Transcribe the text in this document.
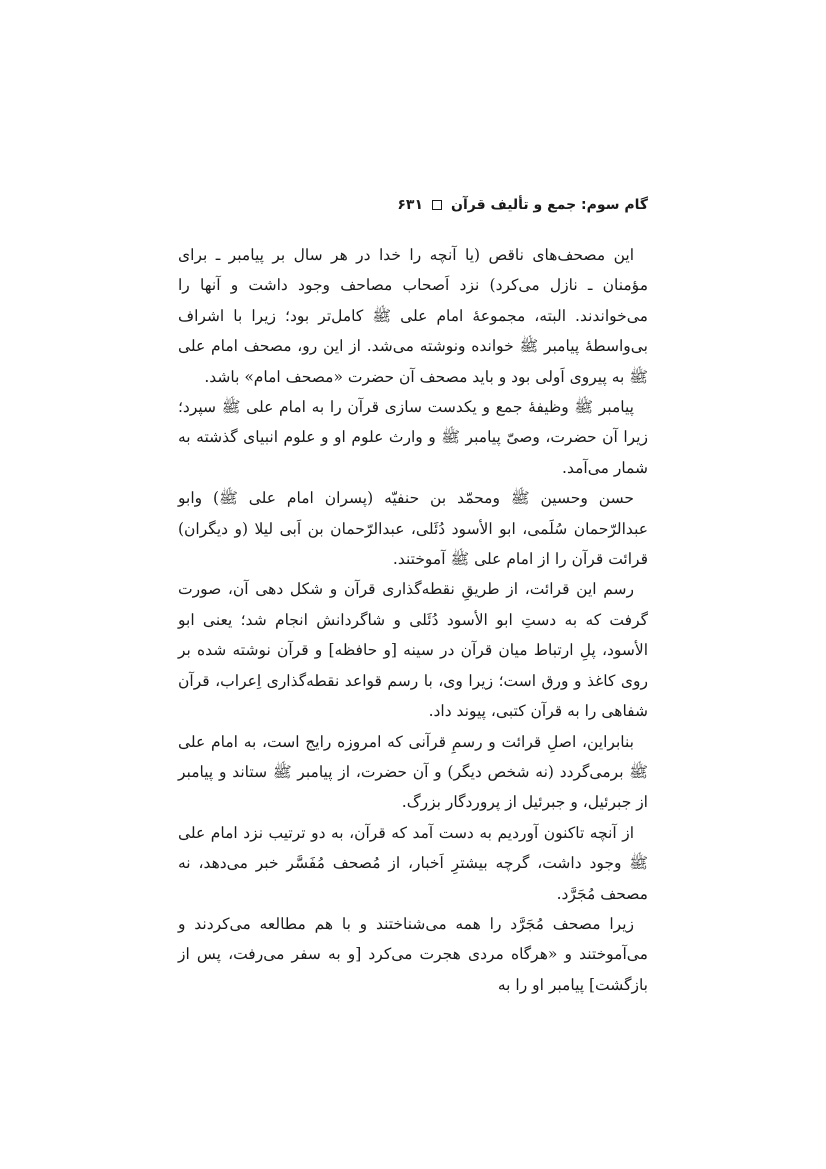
گام سوم: جمع و تألیف قرآن
۶۳۱

این مصحف‌های ناقص (یا آنچه را خدا در هر سال بر پیامبر ـ برای مؤمنان ـ نازل می‌کرد) نزد اَصحاب مصاحف وجود داشت و آنها را می‌خواندند. البته، مجموعهٔ امام علی ﷺ کامل‌تر بود؛ زیرا با اشراف بی‌واسطهٔ پیامبر ﷺ خوانده ونوشته می‌شد. از این رو، مصحف امام علی ﷺ به پیروی اَولی بود و باید مصحف آن حضرت «مصحف امام» باشد.

پیامبر ﷺ وظیفهٔ جمع و یکدست سازی قرآن را به امام علی ﷺ سپرد؛ زیرا آن حضرت، وصیّ پیامبر ﷺ و وارث علوم او و علوم انبیای گذشته به شمار می‌آمد.

حسن وحسین ﷺ ومحمّد بن حنفیّه (پسران امام علی ﷺ) وابو عبدالرّحمان سُلَمی، ابو الأسود دُئَلی، عبدالرّحمان بن اَبی لیلا (و دیگران) قرائت قرآن را از امام علی ﷺ آموختند.

رسم این قرائت، از طریقِ نقطه‌گذاری قرآن و شکل دهی آن، صورت گرفت که به دستِ ابو الأسود دُئَلی و شاگردانش انجام شد؛ یعنی ابو الأسود، پلِ ارتباط میان قرآن در سینه [و حافظه] و قرآن نوشته شده بر روی کاغذ و ورق است؛ زیرا وی، با رسم قواعد نقطه‌گذاری اِعراب، قرآن شفاهی را به قرآن کتبی، پیوند داد.

بنابراین، اصلِ قرائت و رسمِ قرآنی که امروزه رایج است، به امام علی ﷺ برمی‌گردد (نه شخص دیگر) و آن حضرت، از پیامبر ﷺ ستاند و پیامبر از جبرئیل، و جبرئیل از پروردگار بزرگ.

از آنچه تاکنون آوردیم به دست آمد که قرآن، به دو ترتیب نزد امام علی ﷺ وجود داشت، گرچه بیشترِ اَخبار، از مُصحف مُفَسَّر خبر می‌دهد، نه مصحف مُجَرَّد.

زیرا مصحف مُجَرَّد را همه می‌شناختند و با هم مطالعه می‌کردند و می‌آموختند و «هرگاه مردی هجرت می‌کرد [و به سفر می‌رفت، پس از بازگشت] پیامبر او را به
